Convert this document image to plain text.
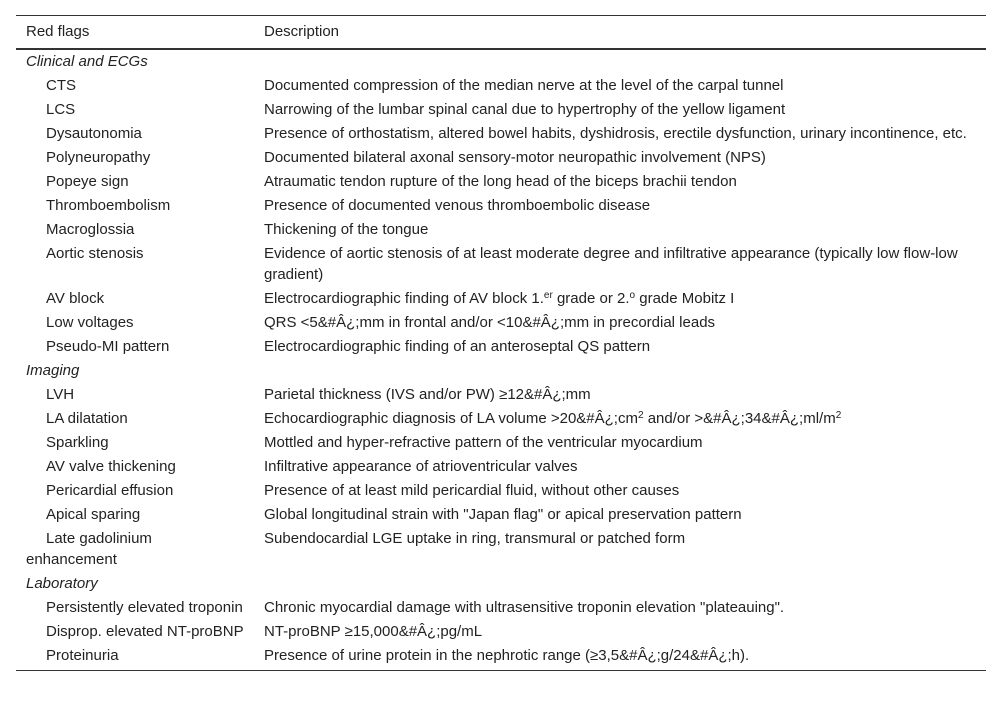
Red flags	Description
Clinical and ECGs	
CTS	Documented compression of the median nerve at the level of the carpal tunnel
LCS	Narrowing of the lumbar spinal canal due to hypertrophy of the yellow ligament
Dysautonomia	Presence of orthostatism, altered bowel habits, dyshidrosis, erectile dysfunction, urinary incontinence, etc.
Polyneuropathy	Documented bilateral axonal sensory-motor neuropathic involvement (NPS)
Popeye sign	Atraumatic tendon rupture of the long head of the biceps brachii tendon
Thromboembolism	Presence of documented venous thromboembolic disease
Macroglossia	Thickening of the tongue
Aortic stenosis	Evidence of aortic stenosis of at least moderate degree and infiltrative appearance (typically low flow-low gradient)
AV block	Electrocardiographic finding of AV block 1.$^{er}$ grade or 2.$^o$ grade Mobitz I
Low voltages	QRS <5&#Â¿;mm in frontal and/or <10&#Â¿;mm in precordial leads
Pseudo-MI pattern	Electrocardiographic finding of an anteroseptal QS pattern
Imaging	
LVH	Parietal thickness (IVS and/or PW) ≥12&#Â¿;mm
LA dilatation	Echocardiographic diagnosis of LA volume $>20\&\#Â¿;cm^2$ $and/or >\&\#Â¿;34\&\#Â¿;ml/m^2$
Sparkling	Mottled and hyper-refractive pattern of the ventricular myocardium
AV valve thickening	Infiltrative appearance of atrioventricular valves
Pericardial effusion	Presence of at least mild pericardial fluid, without other causes
Apical sparing	Global longitudinal strain with "Japan flag" or apical preservation pattern
Late gadolinium enhancement	Subendocardial LGE uptake in ring, transmural or patched form
Laboratory	
Persistently elevated troponin	Chronic myocardial damage with ultrasensitive troponin elevation "plateauing".
Disprop. elevated NT-proBNP	NT-proBNP ≥15,000&#Â¿;pg/mL
Proteinuria	Presence of urine protein in the nephrotic range (≥3,5&#Â¿;g/24&#Â¿;h).
